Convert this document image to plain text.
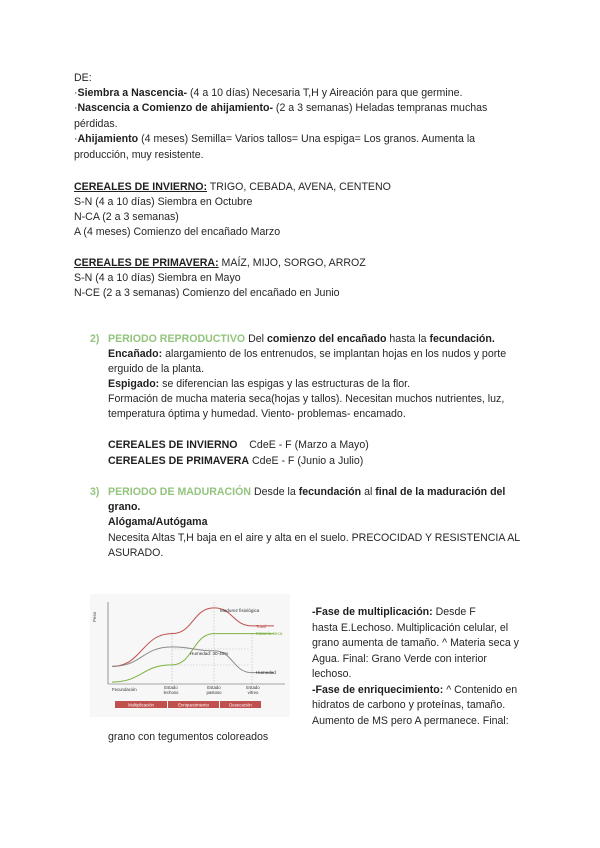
DE:
·Siembra a Nascencia- (4 a 10 días) Necesaria T,H y Aireación para que germine.
·Nascencia a Comienzo de ahijamiento- (2 a 3 semanas) Heladas tempranas muchas
pérdidas.
·Ahijamiento (4 meses) Semilla= Varios tallos= Una espiga= Los granos. Aumenta la
producción, muy resistente.
CEREALES DE INVIERNO: TRIGO, CEBADA, AVENA, CENTENO
S-N (4 a 10 días) Siembra en Octubre
N-CA (2 a 3 semanas)
A (4 meses) Comienzo del encañado Marzo
CEREALES DE PRIMAVERA: MAÍZ, MIJO, SORGO, ARROZ
S-N (4 a 10 días) Siembra en Mayo
N-CE (2 a 3 semanas) Comienzo del encañado en Junio
2) PERIODO REPRODUCTIVO Del comienzo del encañado hasta la fecundación.
Encañado: alargamiento de los entrenudos, se implantan hojas en los nudos y porte
erguido de la planta.
Espigado: se diferencian las espigas y las estructuras de la flor.
Formación de mucha materia seca(hojas y tallos). Necesitan muchos nutrientes, luz,
temperatura óptima y humedad. Viento- problemas- encamado.
CEREALES DE INVIERNO    CdeE - F (Marzo a Mayo)
CEREALES DE PRIMAVERA CdeE - F (Junio a Julio)
3) PERIODO DE MADURACIÓN Desde la fecundación al final de la maduración del
grano.
Alógama/Autógama
Necesita Altas T,H baja en el aire y alta en el suelo. PRECOCIDAD Y RESISTENCIA AL
ASURADO.
Peso
Madurez fisiológica
Total
Materia seca
Humedad: 30-40%
Humedad
Fecundación	Estado lechoso
Estado pastoso
Estado vítreo
Multiplicación	Enriquecimiento	Desecación
-Fase de multiplicación: Desde F
hasta E.Lechoso. Multiplicación celular, el
grano aumenta de tamaño. ^ Materia seca y
Agua. Final: Grano Verde con interior
lechoso.
-Fase de enriquecimiento: ^ Contenido en
hidratos de carbono y proteínas, tamaño.
Aumento de MS pero A permanece. Final:
grano con tegumentos coloreados
